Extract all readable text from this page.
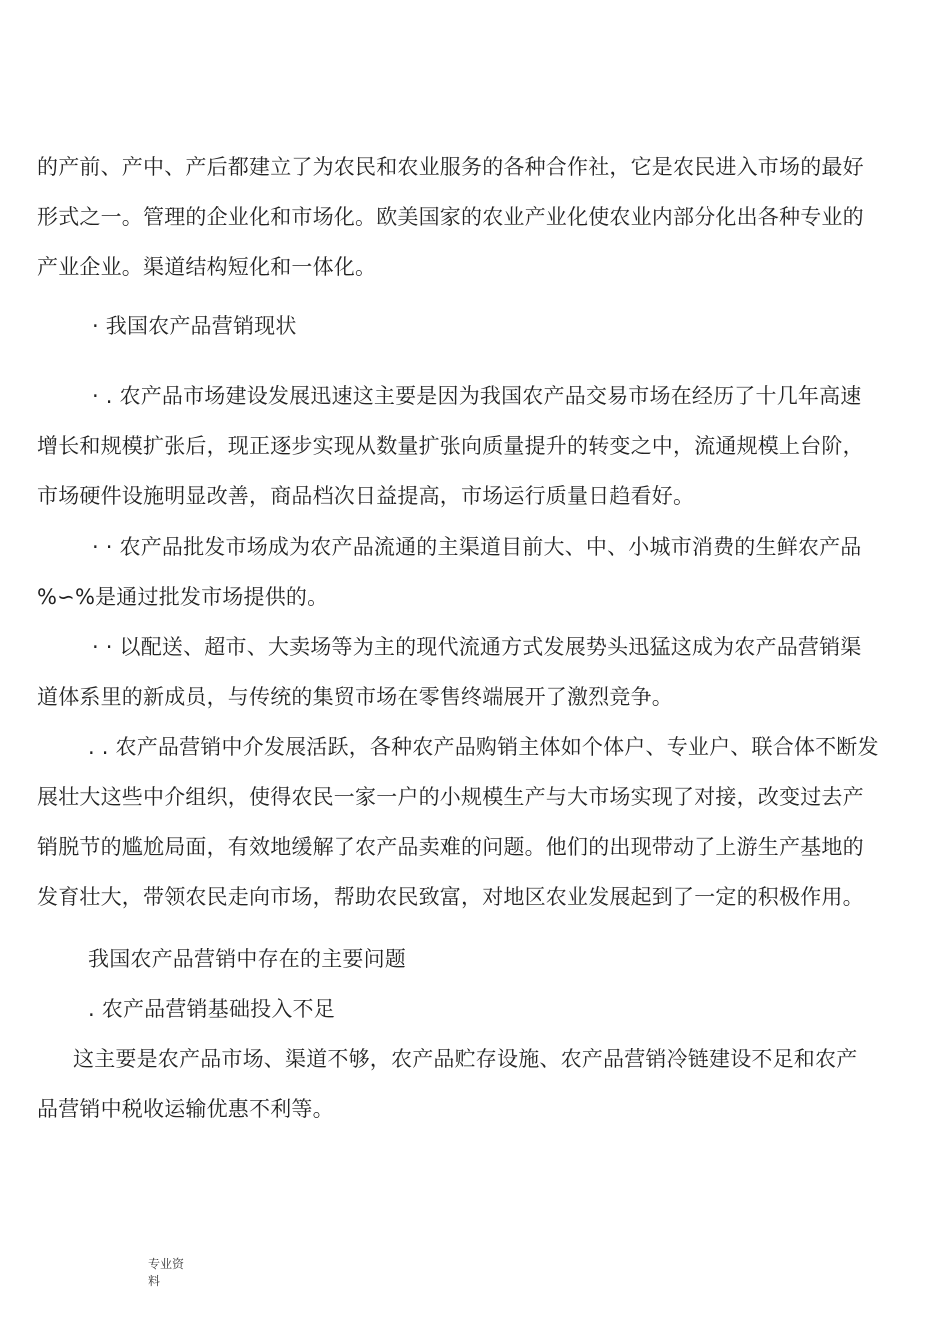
的产前、产中、产后都建立了为农民和农业服务的各种合作社，它是农民进入市场的最好
形式之一。管理的企业化和市场化。欧美国家的农业产业化使农业内部分化出各种专业的
产业企业。渠道结构短化和一体化。
· 我国农产品营销现状
· . 农产品市场建设发展迅速这主要是因为我国农产品交易市场在经历了十几年高速
增长和规模扩张后，现正逐步实现从数量扩张向质量提升的转变之中，流通规模上台阶，
市场硬件设施明显改善，商品档次日益提高，市场运行质量日趋看好。
· · 农产品批发市场成为农产品流通的主渠道目前大、中、小城市消费的生鲜农产品
%∽%是通过批发市场提供的。
· · 以配送、超市、大卖场等为主的现代流通方式发展势头迅猛这成为农产品营销渠
道体系里的新成员，与传统的集贸市场在零售终端展开了激烈竞争。
. . 农产品营销中介发展活跃，各种农产品购销主体如个体户、专业户、联合体不断发
展壮大这些中介组织，使得农民一家一户的小规模生产与大市场实现了对接，改变过去产
销脱节的尴尬局面，有效地缓解了农产品卖难的问题。他们的出现带动了上游生产基地的
发育壮大，带领农民走向市场，帮助农民致富，对地区农业发展起到了一定的积极作用。
我国农产品营销中存在的主要问题
. 农产品营销基础投入不足
这主要是农产品市场、渠道不够，农产品贮存设施、农产品营销冷链建设不足和农产
品营销中税收运输优惠不利等。
专业资
料
